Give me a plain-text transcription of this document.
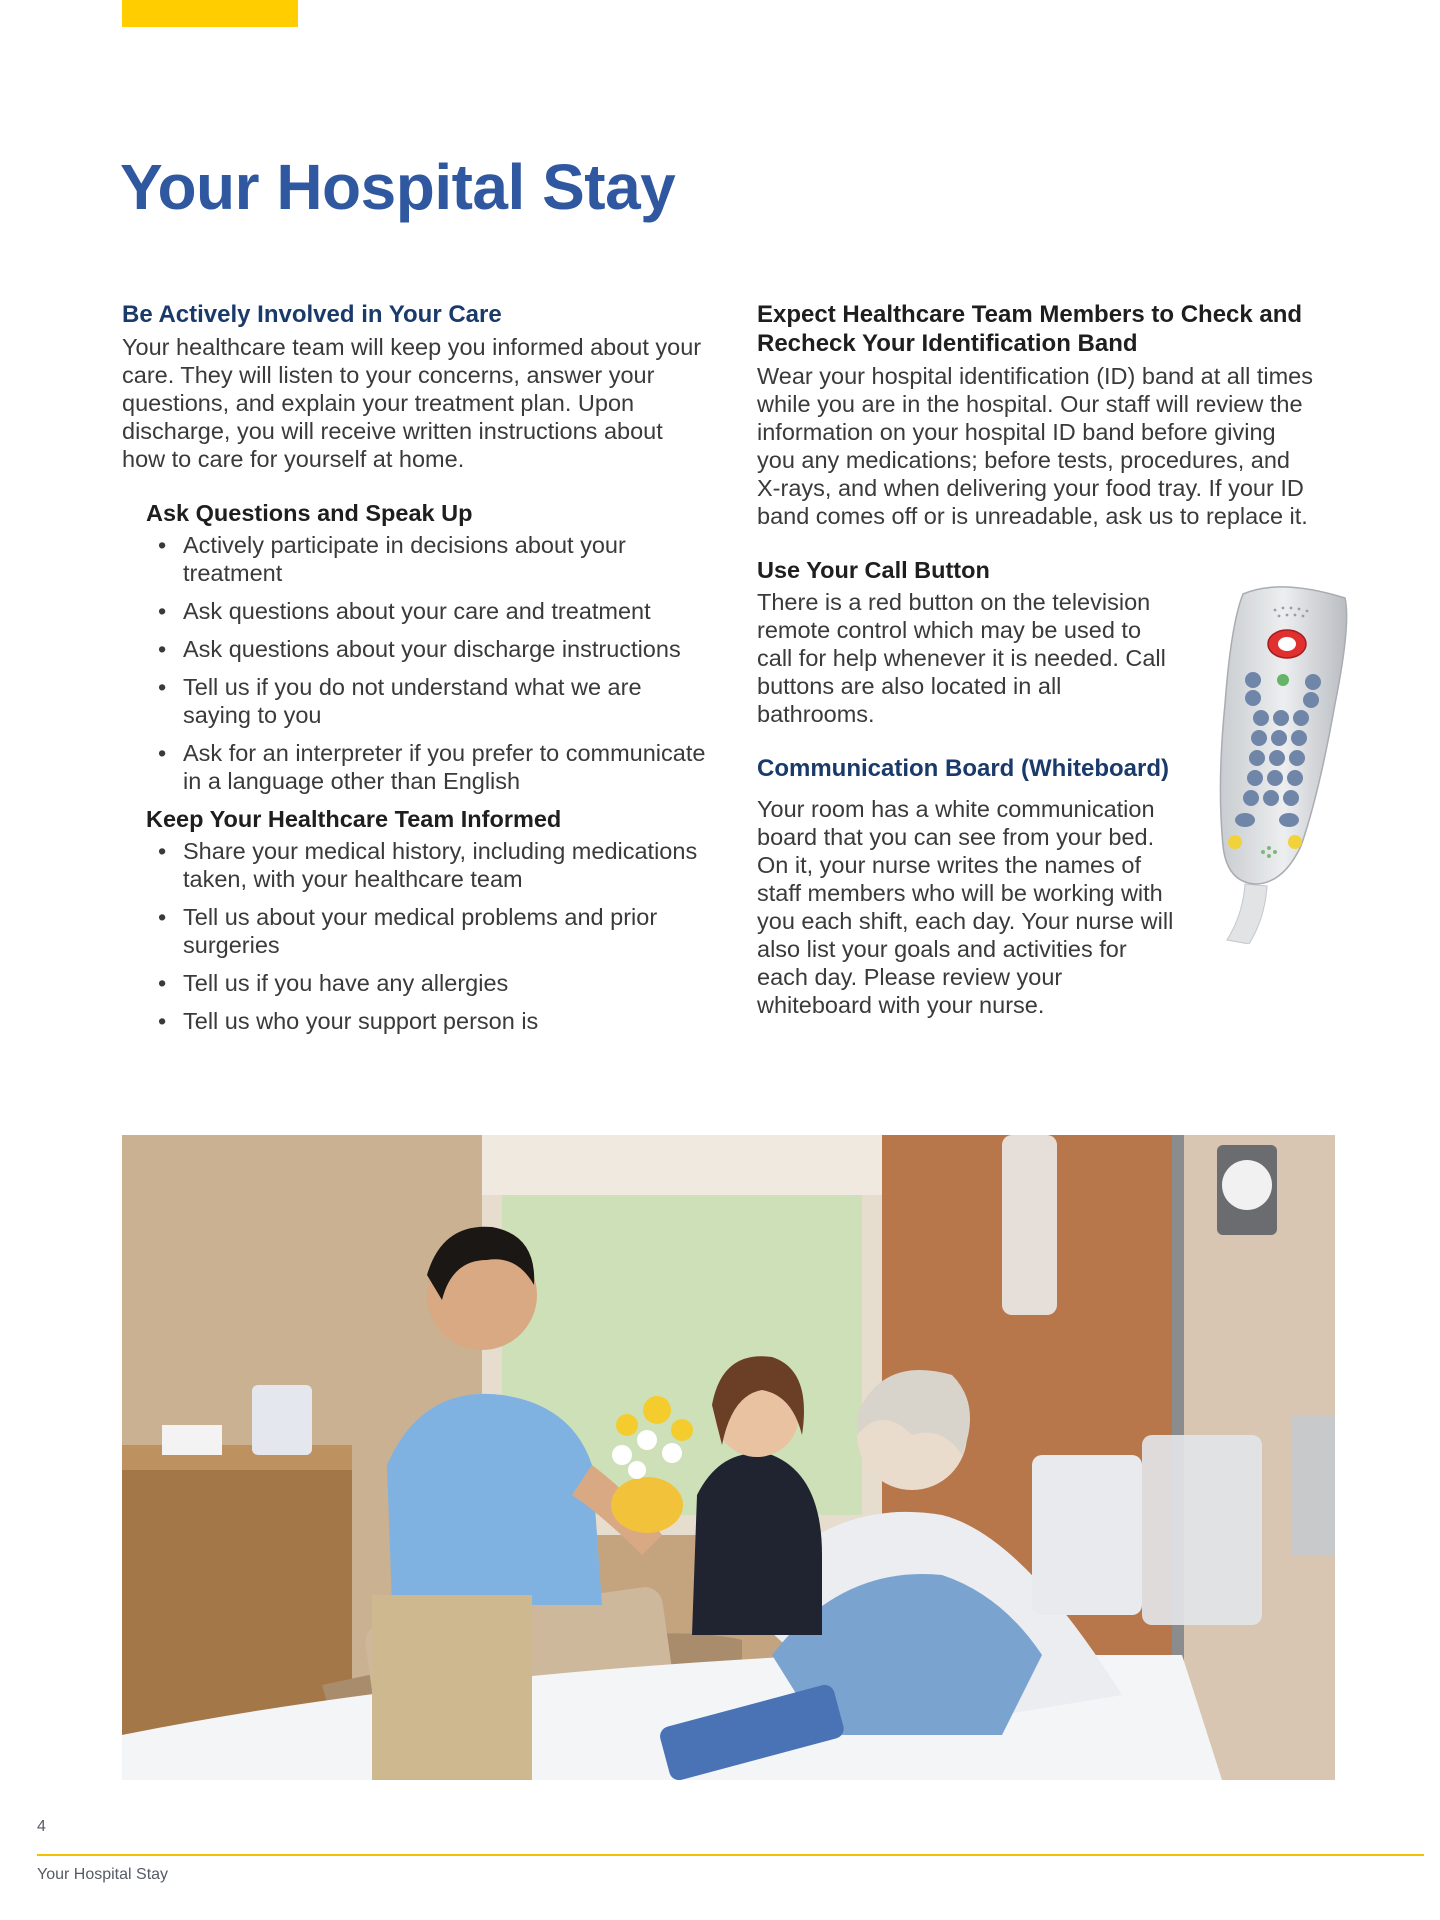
Your Hospital Stay
Be Actively Involved in Your Care

Your healthcare team will keep you informed about your care. They will listen to your concerns, answer your questions, and explain your treatment plan. Upon discharge, you will receive written instructions about how to care for yourself at home.

Ask Questions and Speak Up
• Actively participate in decisions about your treatment
• Ask questions about your care and treatment
• Ask questions about your discharge instructions
• Tell us if you do not understand what we are saying to you
• Ask for an interpreter if you prefer to communicate in a language other than English
Keep Your Healthcare Team Informed
• Share your medical history, including medications taken, with your healthcare team
• Tell us about your medical problems and prior surgeries
• Tell us if you have any allergies
• Tell us who your support person is
Expect Healthcare Team Members to Check and Recheck Your Identification Band

Wear your hospital identification (ID) band at all times while you are in the hospital. Our staff will review the information on your hospital ID band before giving you any medications; before tests, procedures, and X-rays, and when delivering your food tray. If your ID band comes off or is unreadable, ask us to replace it.

Use Your Call Button

There is a red button on the television remote control which may be used to call for help whenever it is needed. Call buttons are also located in all bathrooms.

Communication Board (Whiteboard)

Your room has a white communication board that you can see from your bed. On it, your nurse writes the names of staff members who will be working with you each shift, each day. Your nurse will also list your goals and activities for each day. Please review your whiteboard with your nurse.

4
Your Hospital Stay
